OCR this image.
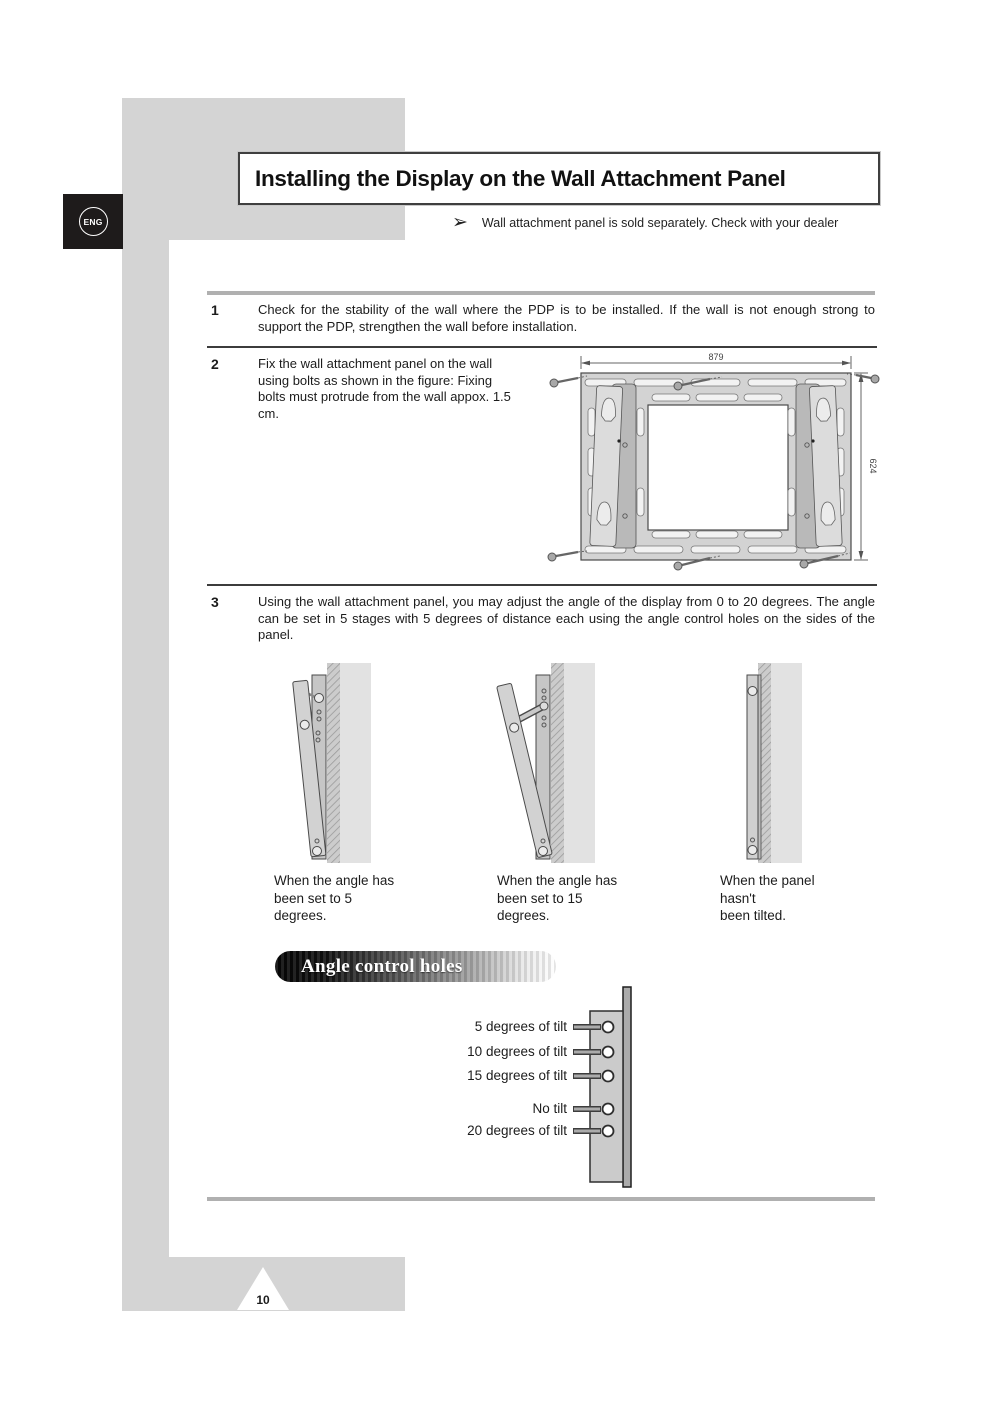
ENG
Installing the Display on the Wall Attachment Panel
➢ Wall attachment panel is sold separately. Check with your dealer
1	Check for the stability of the wall where the PDP is to be installed. If the wall is not enough strong to support the PDP, strengthen the wall before installation.
2	Fix the wall attachment panel on the wall using bolts as shown in the figure: Fixing bolts must protrude from the wall appox. 1.5 cm.
879
624
3	Using the wall attachment panel, you may adjust the angle of the display from 0 to 20 degrees. The angle can be set in 5 stages with 5 degrees of distance each using the angle control holes on the sides of the panel.
When the angle has
been set to 5 degrees.
When the angle has
been set to 15 degrees.
When the panel hasn't
been tilted.
Angle control holes
5 degrees of tilt
10 degrees of tilt
15 degrees of tilt
No tilt
20 degrees of tilt
10
